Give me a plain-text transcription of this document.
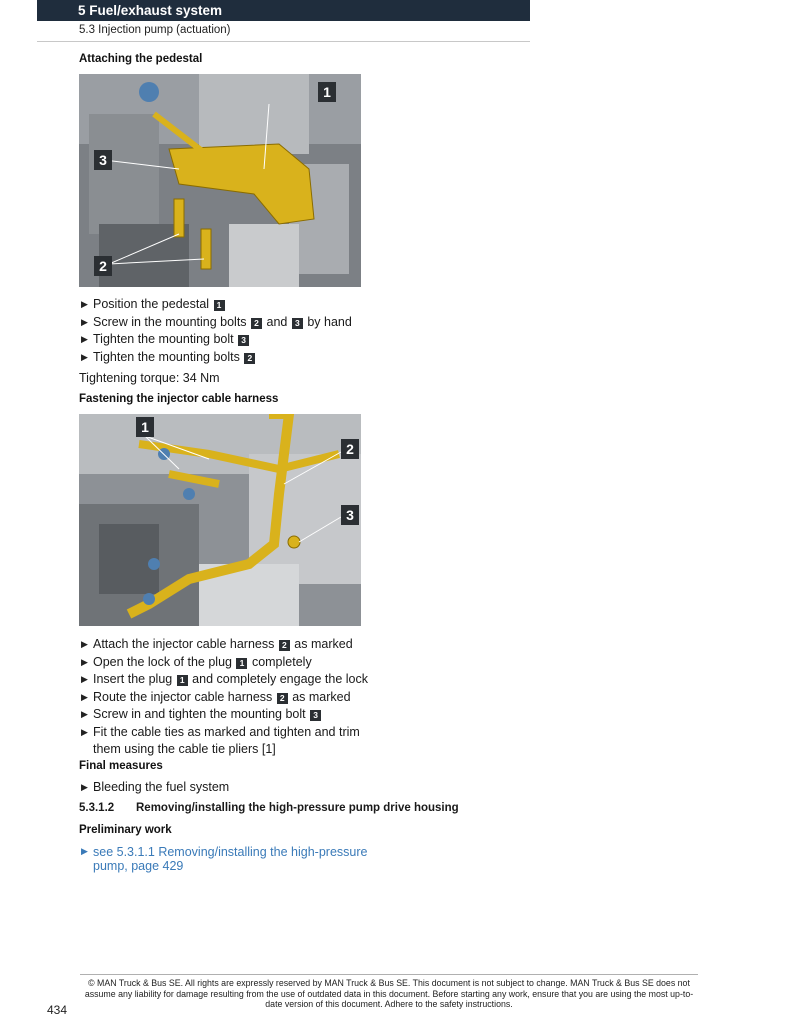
5 Fuel/exhaust system
5.3 Injection pump (actuation)
Attaching the pedestal
1
3
2
▶ Position the pedestal 1
▶ Screw in the mounting bolts 2 and 3 by hand
▶ Tighten the mounting bolt 3
▶ Tighten the mounting bolts 2
Tightening torque: 34 Nm
Fastening the injector cable harness
1
2
3
▶ Attach the injector cable harness 2 as marked
▶ Open the lock of the plug 1 completely
▶ Insert the plug 1 and completely engage the lock
▶ Route the injector cable harness 2 as marked
▶ Screw in and tighten the mounting bolt 3
▶ Fit the cable ties as marked and tighten and trim them using the cable tie pliers [1]
Final measures
▶ Bleeding the fuel system
5.3.1.2 Removing/installing the high-pressure pump drive housing
Preliminary work
▶ see 5.3.1.1 Removing/installing the high-pressure pump, page 429
© MAN Truck & Bus SE. All rights are expressly reserved by MAN Truck & Bus SE. This document is not subject to change. MAN Truck & Bus SE does not assume any liability for damage resulting from the use of outdated data in this document. Before starting any work, ensure that you are using the most up-to-date version of this document. Adhere to the safety instructions.
434
